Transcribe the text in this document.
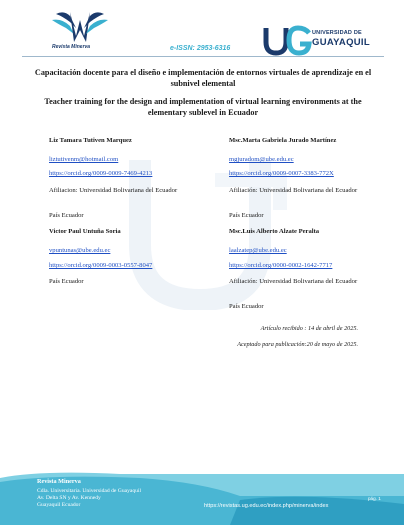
Revista Minerva	e-ISSN: 2953-6316
UNIVERSIDAD DE
GUAYAQUIL
Capacitación docente para el diseño e implementación de entornos virtuales de aprendizaje en el subnivel elemental
Teacher training for the design and implementation of virtual learning environments at the elementary sublevel in Ecuador
Liz Tamara Tutiven Marquez
liztutivenm@hotmail.com
https://orcid.org/0009-0009-7469-4213
Afiliacion: Universidad Bolivariana del Ecuador
País Ecuador
Msc.Marta Gabriela Jurado Martínez
mgjuradom@ube.edu.ec
https://orcid.org/0009-0007-3383-772X
Afiliación: Universidad Bolivariana del Ecuador
País Ecuador
Victor Paul Untuña Soria
vpuntunas@ube.edu.ec
https://orcid.org/0009-0003-0557-8047
País Ecuador
Msc.Luis Alberto Alzate Peralta
laalzatep@ube.edu.ec
https://orcid.org/0000-0002-1642-7717
Afiliación: Universidad Bolivariana del Ecuador
País Ecuador
Artículo recibido : 14 de abril de 2025.
Aceptado para publicación:20 de mayo de 2025.
Revista Minerva
Cdla. Universitaria. Universidad de Guayaquil
Av. Delta SN y Av. Kennedy
Guayaquil Ecuador
pág. 1
https://revistas.ug.edu.ec/index.php/minerva/index
